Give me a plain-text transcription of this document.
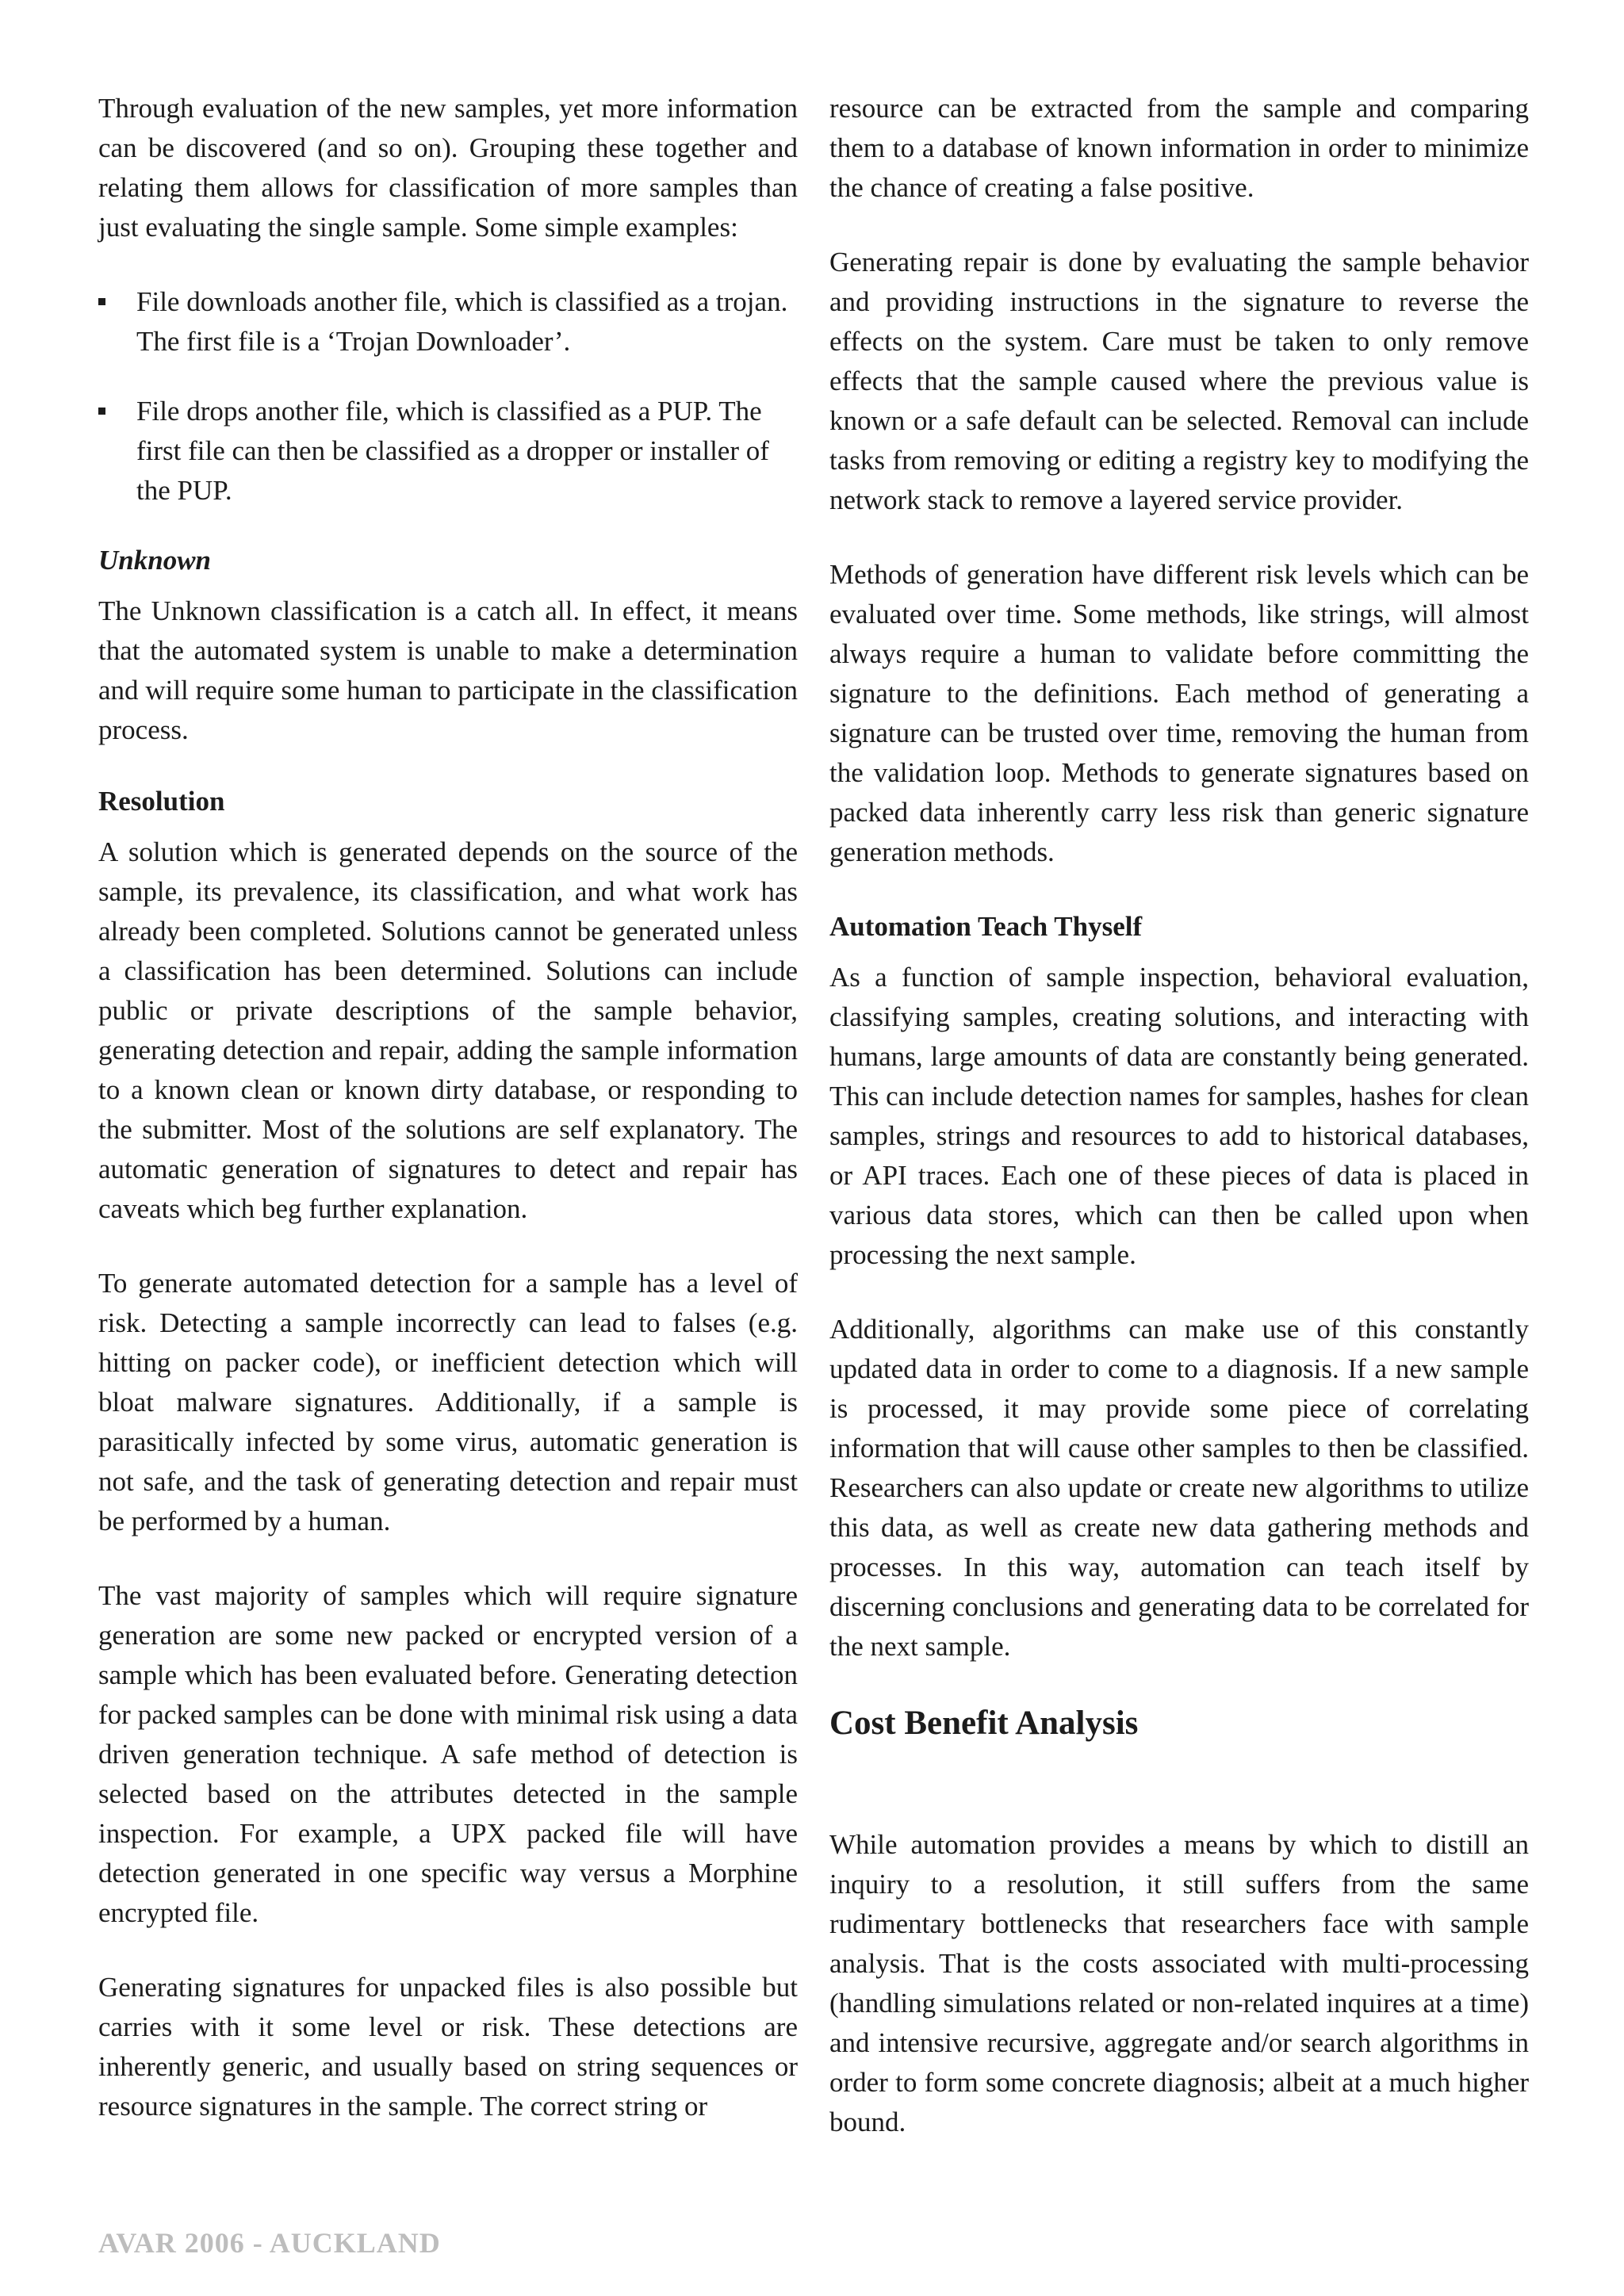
Through evaluation of the new samples, yet more information can be discovered (and so on). Grouping these together and relating them allows for classification of more samples than just evaluating the single sample. Some simple examples:

File downloads another file, which is classified as a trojan. The first file is a ‘Trojan Downloader’.
File drops another file, which is classified as a PUP. The first file can then be classified as a dropper or installer of the PUP.
Unknown

The Unknown classification is a catch all. In effect, it means that the automated system is unable to make a determination and will require some human to participate in the classification process.

Resolution

A solution which is generated depends on the source of the sample, its prevalence, its classification, and what work has already been completed. Solutions cannot be generated unless a classification has been determined. Solutions can include public or private descriptions of the sample behavior, generating detection and repair, adding the sample information to a known clean or known dirty database, or responding to the submitter. Most of the solutions are self explanatory. The automatic generation of signatures to detect and repair has caveats which beg further explanation.

To generate automated detection for a sample has a level of risk. Detecting a sample incorrectly can lead to falses (e.g. hitting on packer code), or inefficient detection which will bloat malware signatures. Additionally, if a sample is parasitically infected by some virus, automatic generation is not safe, and the task of generating detection and repair must be performed by a human.

The vast majority of samples which will require signature generation are some new packed or encrypted version of a sample which has been evaluated before. Generating detection for packed samples can be done with minimal risk using a data driven generation technique. A safe method of detection is selected based on the attributes detected in the sample inspection. For example, a UPX packed file will have detection generated in one specific way versus a Morphine encrypted file.

Generating signatures for unpacked files is also possible but carries with it some level or risk. These detections are inherently generic, and usually based on string sequences or resource signatures in the sample. The correct string or

resource can be extracted from the sample and comparing them to a database of known information in order to minimize the chance of creating a false positive.

Generating repair is done by evaluating the sample behavior and providing instructions in the signature to reverse the effects on the system. Care must be taken to only remove effects that the sample caused where the previous value is known or a safe default can be selected. Removal can include tasks from removing or editing a registry key to modifying the network stack to remove a layered service provider.

Methods of generation have different risk levels which can be evaluated over time. Some methods, like strings, will almost always require a human to validate before committing the signature to the definitions. Each method of generating a signature can be trusted over time, removing the human from the validation loop. Methods to generate signatures based on packed data inherently carry less risk than generic signature generation methods.

Automation Teach Thyself

As a function of sample inspection, behavioral evaluation, classifying samples, creating solutions, and interacting with humans, large amounts of data are constantly being generated. This can include detection names for samples, hashes for clean samples, strings and resources to add to historical databases, or API traces. Each one of these pieces of data is placed in various data stores, which can then be called upon when processing the next sample.

Additionally, algorithms can make use of this constantly updated data in order to come to a diagnosis. If a new sample is processed, it may provide some piece of correlating information that will cause other samples to then be classified. Researchers can also update or create new algorithms to utilize this data, as well as create new data gathering methods and processes. In this way, automation can teach itself by discerning conclusions and generating data to be correlated for the next sample.

Cost Benefit Analysis

While automation provides a means by which to distill an inquiry to a resolution, it still suffers from the same rudimentary bottlenecks that researchers face with sample analysis. That is the costs associated with multi-processing (handling simulations related or non-related inquires at a time) and intensive recursive, aggregate and/or search algorithms in order to form some concrete diagnosis; albeit at a much higher bound.

AVAR 2006 - AUCKLAND
